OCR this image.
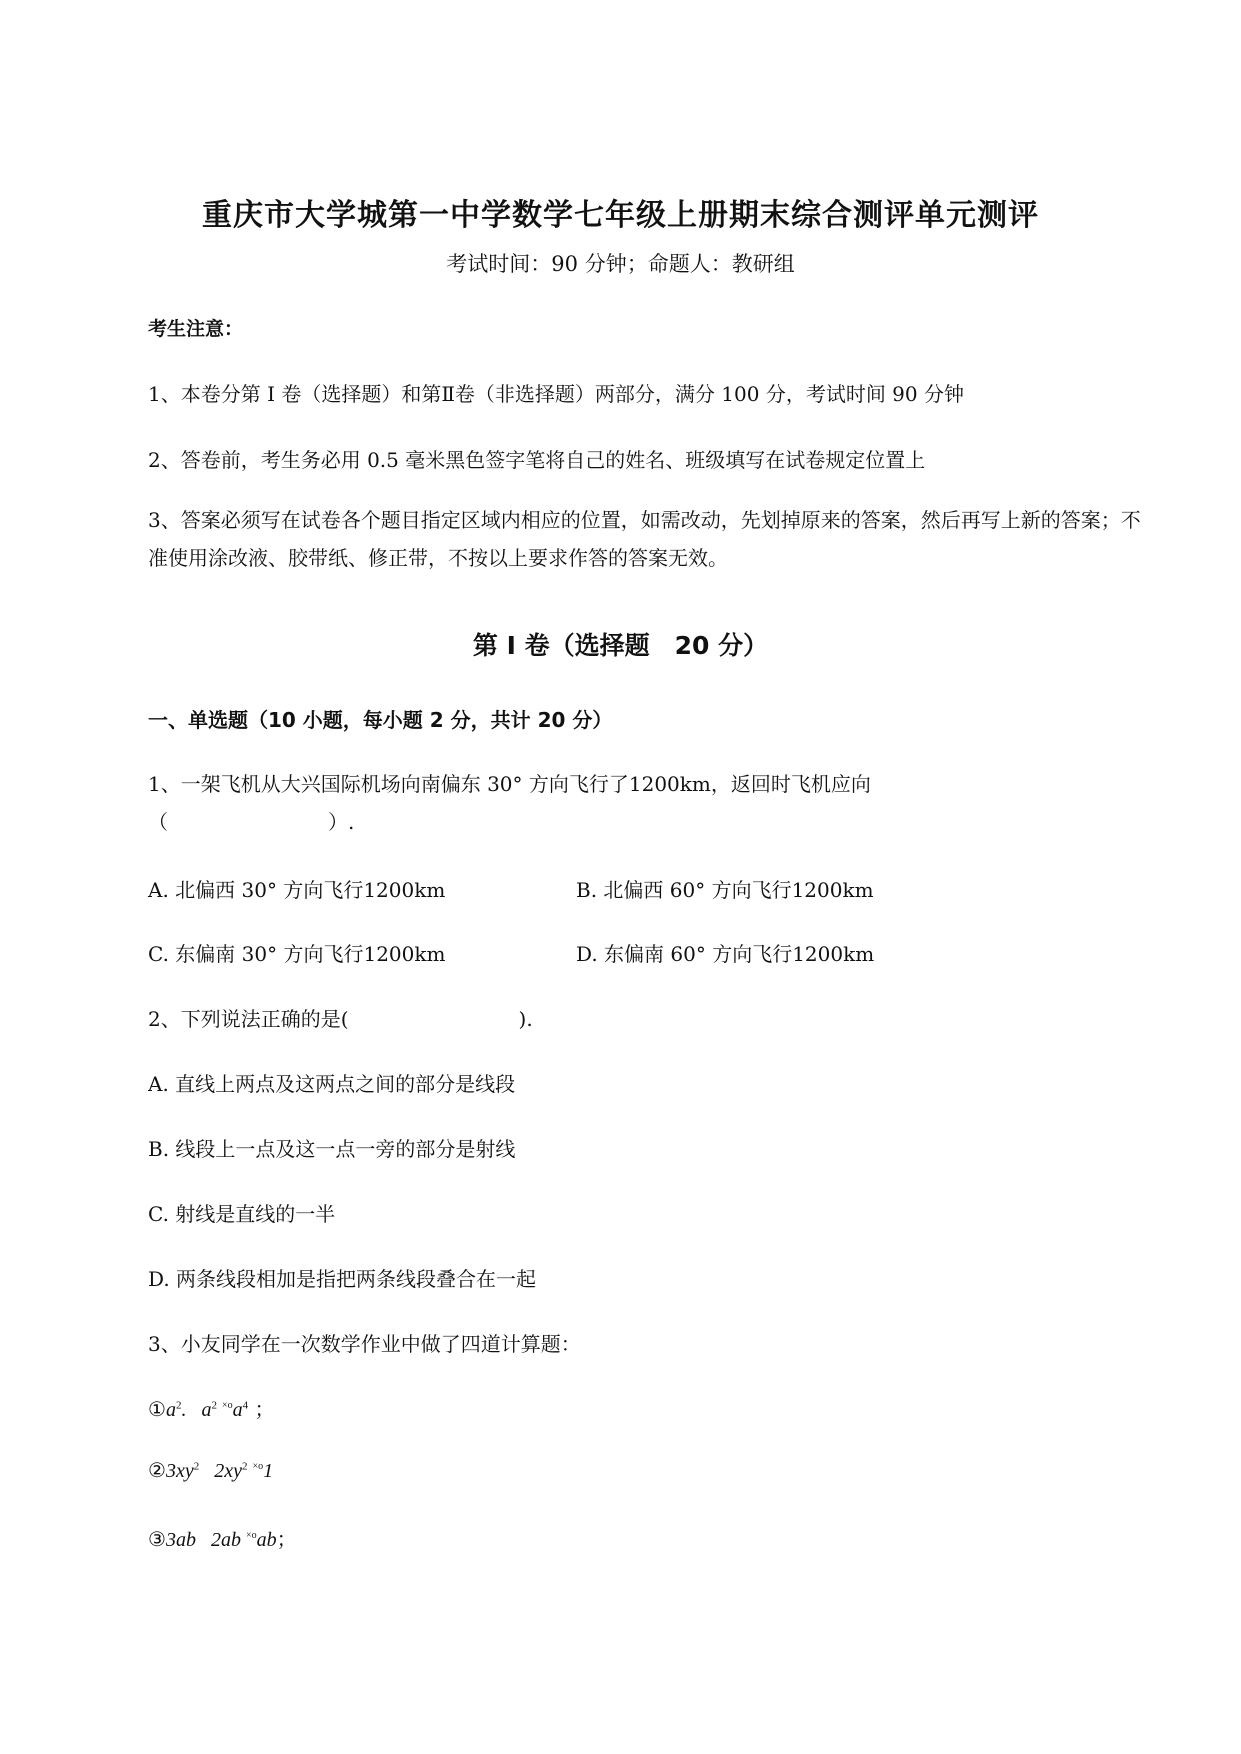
重庆市大学城第一中学数学七年级上册期末综合测评单元测评
考试时间：90 分钟；命题人：教研组
考生注意：
1、本卷分第 I 卷（选择题）和第Ⅱ卷（非选择题）两部分，满分 100 分，考试时间 90 分钟
2、答卷前，考生务必用 0.5 毫米黑色签字笔将自己的姓名、班级填写在试卷规定位置上
3、答案必须写在试卷各个题目指定区域内相应的位置，如需改动，先划掉原来的答案，然后再写上新的答案；不准使用涂改液、胶带纸、修正带，不按以上要求作答的答案无效。
第 I 卷（选择题　20 分）
一、单选题（10 小题，每小题 2 分，共计 20 分）
1、一架飞机从大兴国际机场向南偏东 30° 方向飞行了1200km，返回时飞机应向
（	）.
A. 北偏西 30° 方向飞行1200km	B. 北偏西 60° 方向飞行1200km
C. 东偏南 30° 方向飞行1200km	D. 东偏南 60° 方向飞行1200km
2、下列说法正确的是(	).
A. 直线上两点及这两点之间的部分是线段
B. 线段上一点及这一点一旁的部分是射线
C. 射线是直线的一半
D. 两条线段相加是指把两条线段叠合在一起
3、小友同学在一次数学作业中做了四道计算题：
$①a^2$. $a^2$ $^{\times o}a^4$ ；
$②3xy^2$ $2xy^2$ $^{\times o}$1
③3ab 2ab $^{\times o}$ab；
